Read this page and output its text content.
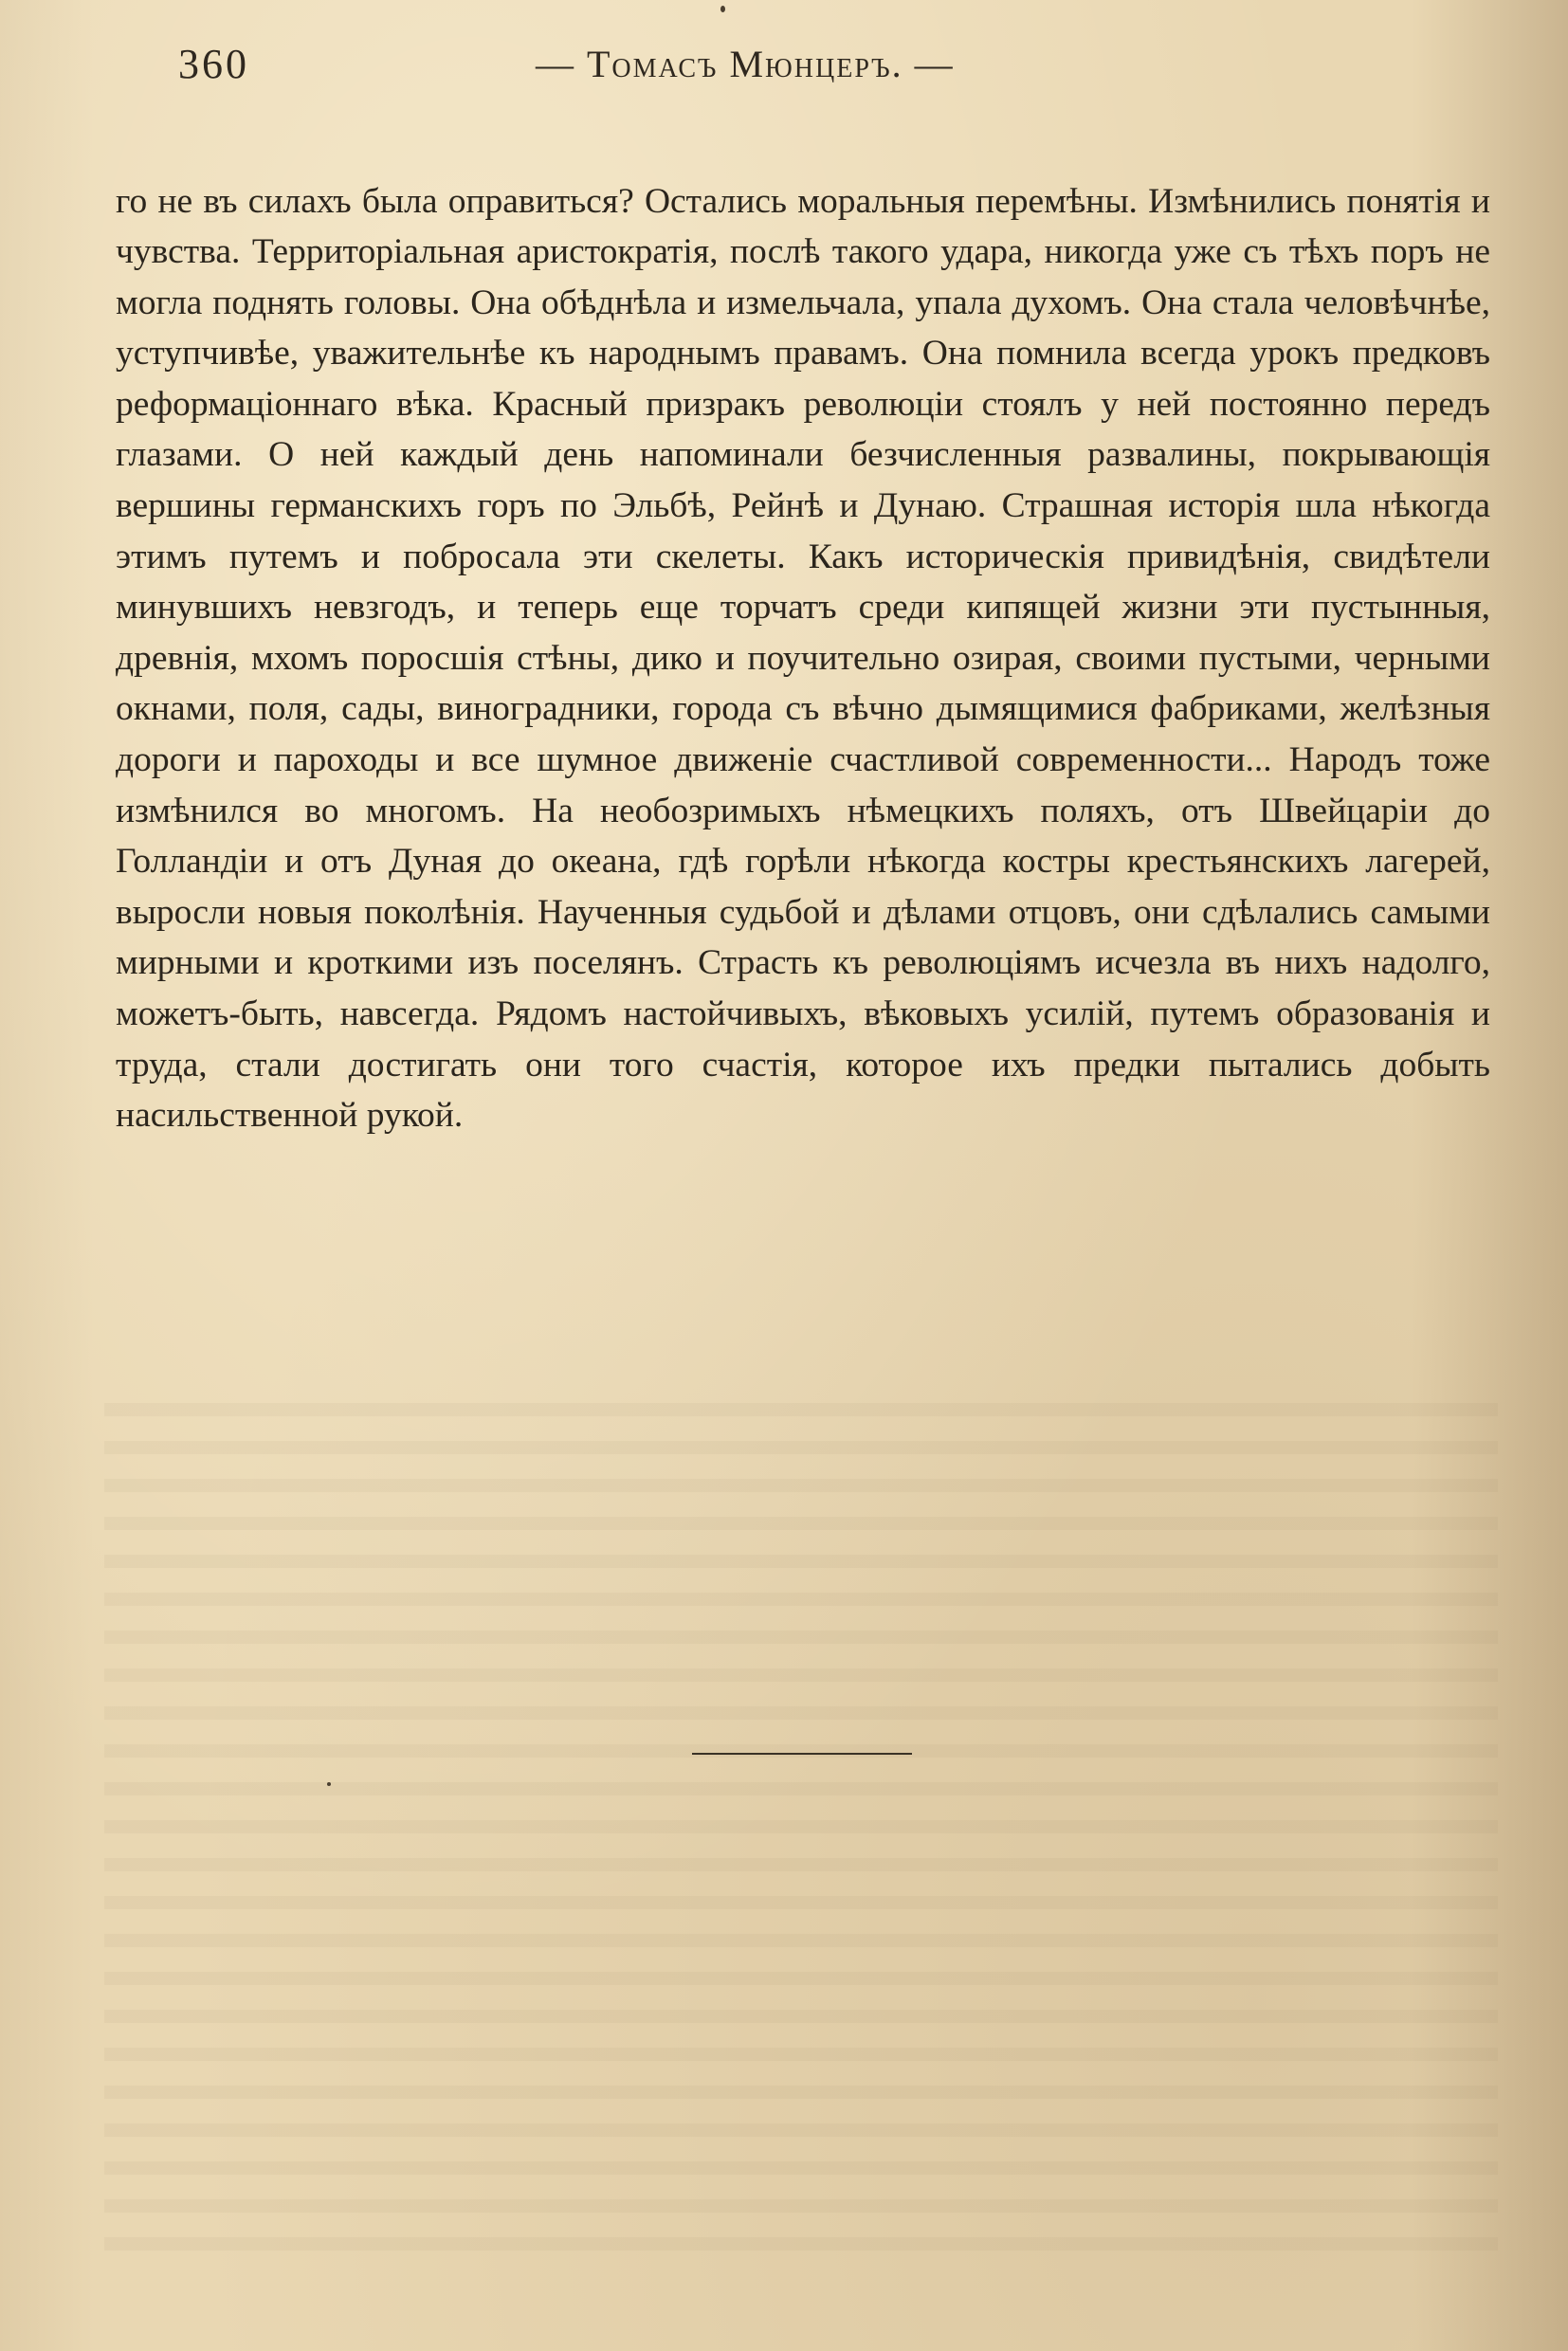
360	— Томасъ Мюнцеръ. —

го не въ силахъ была оправиться? Остались моральныя перемѣны. Измѣнились понятія и чувства. Территоріальная аристократія, послѣ такого удара, никогда уже съ тѣхъ поръ не могла поднять головы. Она обѣднѣла и измельчала, упала духомъ. Она стала человѣчнѣе, уступчивѣе, уважительнѣе къ народнымъ правамъ. Она помнила всегда урокъ предковъ реформаціоннаго вѣка. Красный призракъ революціи стоялъ у ней постоянно передъ глазами. О ней каждый день напоминали безчисленныя развалины, покрывающія вершины германскихъ горъ по Эльбѣ, Рейнѣ и Дунаю. Страшная исторія шла нѣкогда этимъ путемъ и побросала эти скелеты. Какъ историческія привидѣнія, свидѣтели минувшихъ невзгодъ, и теперь еще торчатъ среди кипящей жизни эти пустынныя, древнія, мхомъ поросшія стѣны, дико и поучительно озирая, своими пустыми, черными окнами, поля, сады, виноградники, города съ вѣчно дымящимися фабриками, желѣзныя дороги и пароходы и все шумное движеніе счастливой современности... Народъ тоже измѣнился во многомъ. На необозримыхъ нѣмецкихъ поляхъ, отъ Швейцаріи до Голландіи и отъ Дуная до океана, гдѣ горѣли нѣкогда костры крестьянскихъ лагерей, выросли новыя поколѣнія. Наученныя судьбой и дѣлами отцовъ, они сдѣлались самыми мирными и кроткими изъ поселянъ. Страсть къ революціямъ исчезла въ нихъ надолго, можетъ-быть, навсегда. Рядомъ настойчивыхъ, вѣковыхъ усилій, путемъ образованія и труда, стали достигать они того счастія, которое ихъ предки пытались добыть насильственной рукой.
